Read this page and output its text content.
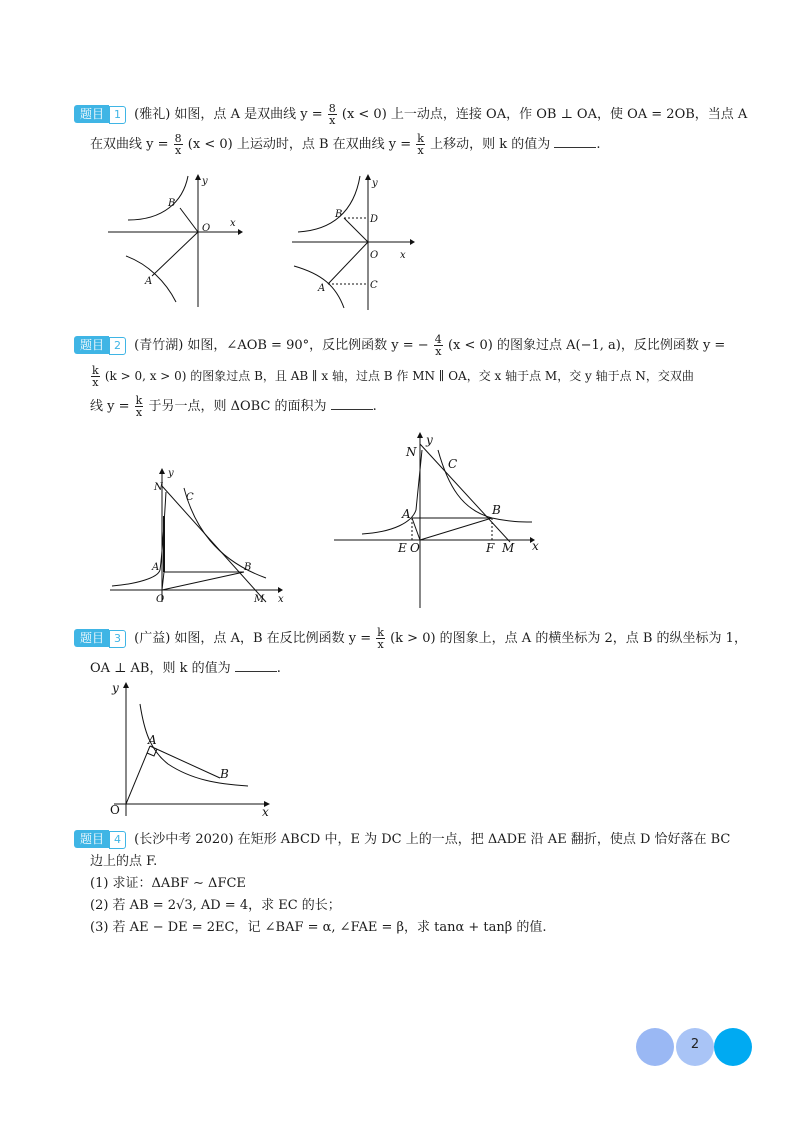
题目 1 (雅礼) 如图，点 A 是双曲线 $y = \frac{8}{x} (x < 0)$ 上一动点，连接 OA，作 OB ⊥ OA，使 OA = 2OB，当点 A
在双曲线 $y = \frac{8}{x} (x < 0)$ 上运动时，点 B 在双曲线 $y = \frac{k}{x}$ 上移动，则 k 的值为	.
B
A
O x
y
B	D
A	C
O x
y
题目 2 (青竹湖) 如图，∠AOB = 90°，反比例函数 y = − $\frac{4}{x} (x < 0)$ 的图象过点 A(−1, a)，反比例函数 y =
$\frac{k}{x} (k > 0$, x > 0) 的图象过点 B，且 AB ∥ x 轴，过点 B 作 MN ∥ OA，交 x 轴于点 M，交 y 轴于点 N，交双曲
线 $y = \frac{k}{x}$ 于另一点，则 ΔOBC 的面积为	.
N
y
C
A	B
O	M x
N
y
C
A	B
E O	F M x
题目 3 (广益) 如图，点 A，B 在反比例函数 $y = \frac{k}{x} (k > 0)$ 的图象上，点 A 的横坐标为 2，点 B 的纵坐标为 1，
OA ⊥ AB，则 k 的值为	.
A
B
O
y
x
题目 4 (长沙中考 2020) 在矩形 ABCD 中，E 为 DC 上的一点，把 ΔADE 沿 AE 翻折，使点 D 恰好落在 BC
边上的点 F.
(1) 求证：ΔABF ∼ ΔFCE
(2) 若 AB = 2√3, AD = 4，求 EC 的长；
(3) 若 AE − DE = 2EC，记 ∠BAF = α, ∠FAE = β，求 tanα + tanβ 的值.
2
